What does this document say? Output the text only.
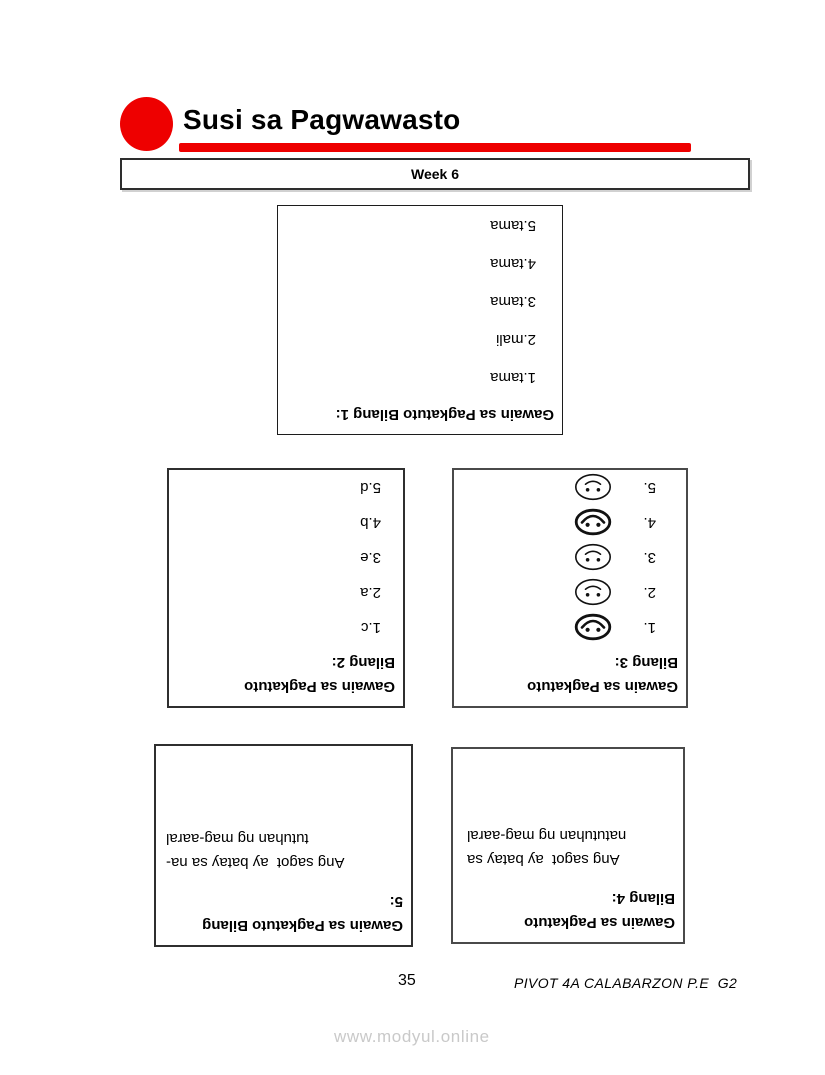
Susi sa Pagwawasto
Week 6
Gawain sa Pagkatuto Bilang 1:
1.tama
2.mali
3.tama
4.tama
5.tama
Gawain sa Pagkatuto
Bilang 2:
1.c
2.a
3.e
4.b
5.d
Gawain sa Pagkatuto
Bilang 3:
1.
2.
3.
4.
5.
Gawain sa Pagkatuto Bilang
5:
Ang sagot  ay batay sa na-
tutuhan ng mag-aaral
Gawain sa Pagkatuto
Bilang 4:
Ang sagot  ay batay sa
natutuhan ng mag-aaral
35	PIVOT 4A CALABARZON P.E  G2
www.modyul.online
